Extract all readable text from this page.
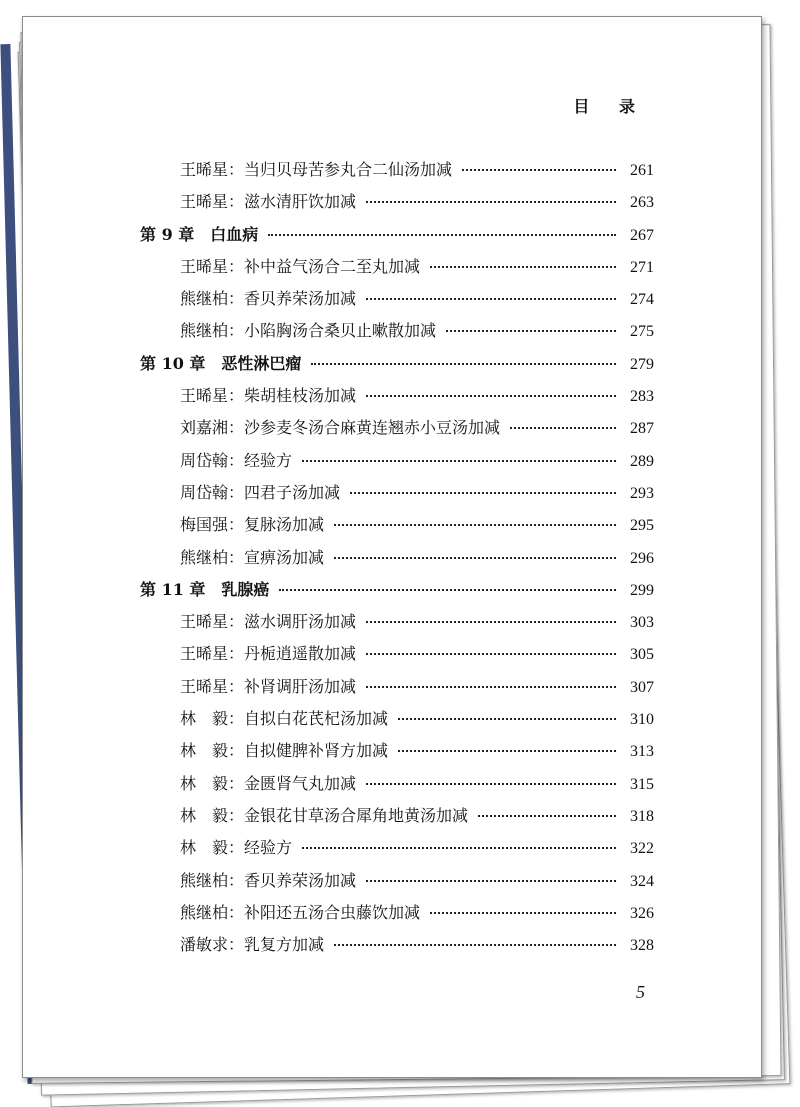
目 录
王晞星：当归贝母苦参丸合二仙汤加减	261
王晞星：滋水清肝饮加减	263
第 9 章　白血病	267
王晞星：补中益气汤合二至丸加减	271
熊继柏：香贝养荣汤加减	274
熊继柏：小陷胸汤合桑贝止嗽散加减	275
第 10 章　恶性淋巴瘤	279
王晞星：柴胡桂枝汤加减	283
刘嘉湘：沙参麦冬汤合麻黄连翘赤小豆汤加减	287
周岱翰：经验方	289
周岱翰：四君子汤加减	293
梅国强：复脉汤加减	295
熊继柏：宣痹汤加减	296
第 11 章　乳腺癌	299
王晞星：滋水调肝汤加减	303
王晞星：丹栀逍遥散加减	305
王晞星：补肾调肝汤加减	307
林　毅：自拟白花芪杞汤加减	310
林　毅：自拟健脾补肾方加减	313
林　毅：金匮肾气丸加减	315
林　毅：金银花甘草汤合犀角地黄汤加减	318
林　毅：经验方	322
熊继柏：香贝养荣汤加减	324
熊继柏：补阳还五汤合虫藤饮加减	326
潘敏求：乳复方加减	328
5
